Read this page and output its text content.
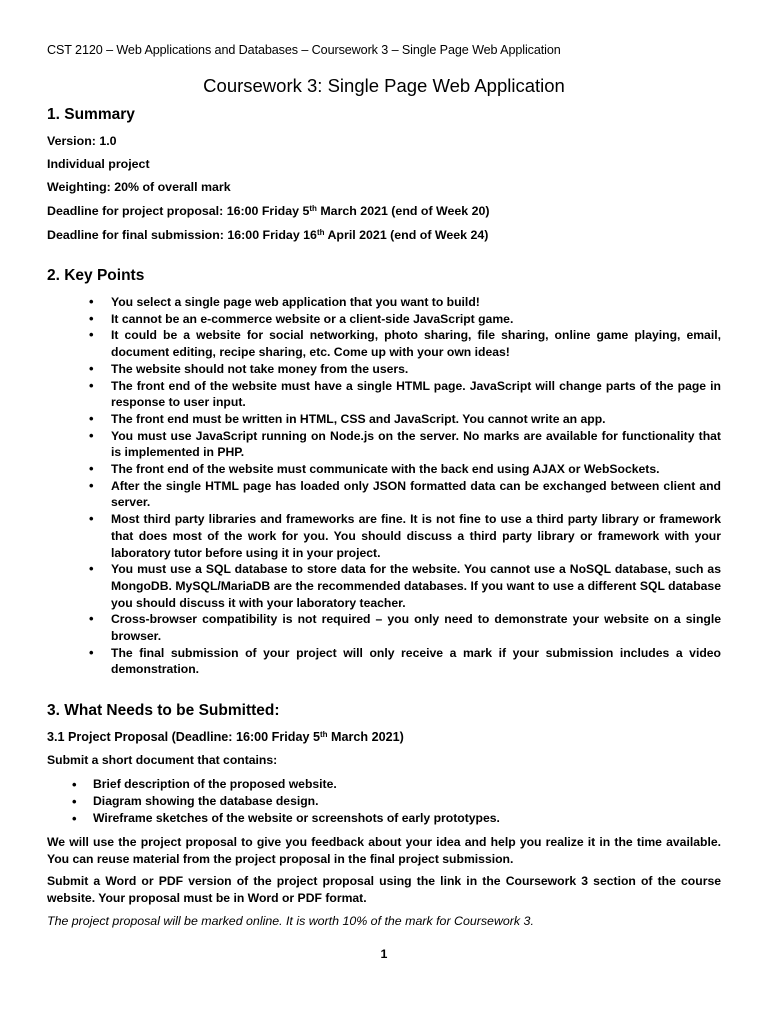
CST 2120 – Web Applications and Databases – Coursework 3 – Single Page Web Application
Coursework 3: Single Page Web Application
1. Summary
Version: 1.0
Individual project
Weighting: 20% of overall mark
Deadline for project proposal: 16:00 Friday 5th March 2021 (end of Week 20)
Deadline for final submission: 16:00 Friday 16th April 2021 (end of Week 24)
2. Key Points
• You select a single page web application that you want to build!
• It cannot be an e-commerce website or a client-side JavaScript game.
• It could be a website for social networking, photo sharing, file sharing, online game playing, email, document editing, recipe sharing, etc. Come up with your own ideas!
• The website should not take money from the users.
• The front end of the website must have a single HTML page. JavaScript will change parts of the page in response to user input.
• The front end must be written in HTML, CSS and JavaScript. You cannot write an app.
• You must use JavaScript running on Node.js on the server. No marks are available for functionality that is implemented in PHP.
• The front end of the website must communicate with the back end using AJAX or WebSockets.
• After the single HTML page has loaded only JSON formatted data can be exchanged between client and server.
• Most third party libraries and frameworks are fine. It is not fine to use a third party library or framework that does most of the work for you. You should discuss a third party library or framework with your laboratory tutor before using it in your project.
• You must use a SQL database to store data for the website. You cannot use a NoSQL database, such as MongoDB. MySQL/MariaDB are the recommended databases. If you want to use a different SQL database you should discuss it with your laboratory teacher.
• Cross-browser compatibility is not required – you only need to demonstrate your website on a single browser.
• The final submission of your project will only receive a mark if your submission includes a video demonstration.
3. What Needs to be Submitted:
3.1 Project Proposal (Deadline: 16:00 Friday 5th March 2021)
Submit a short document that contains:
• Brief description of the proposed website.
• Diagram showing the database design.
• Wireframe sketches of the website or screenshots of early prototypes.
We will use the project proposal to give you feedback about your idea and help you realize it in the time available. You can reuse material from the project proposal in the final project submission.
Submit a Word or PDF version of the project proposal using the link in the Coursework 3 section of the course website. Your proposal must be in Word or PDF format.
The project proposal will be marked online. It is worth 10% of the mark for Coursework 3.
1
